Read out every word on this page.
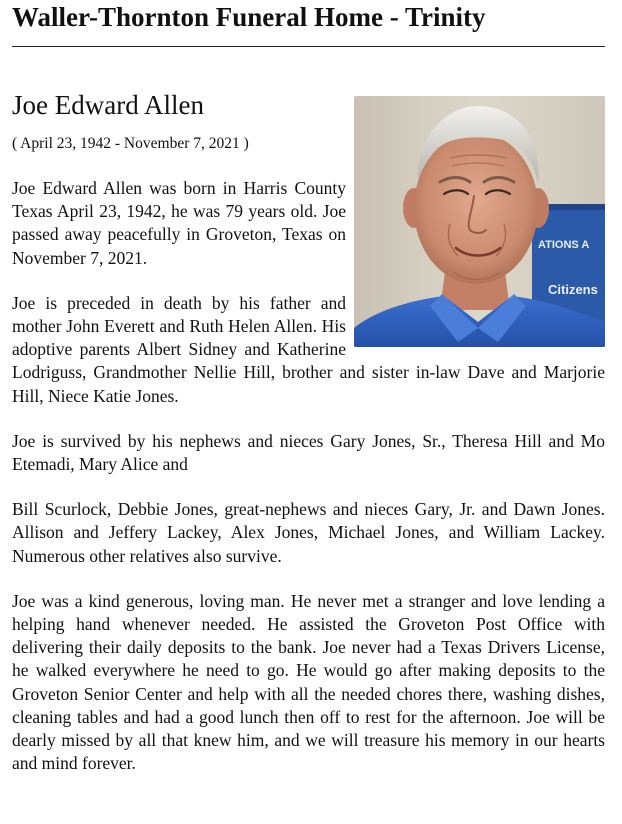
Waller-Thornton Funeral Home - Trinity
ATIONS A
Citizens
Joe Edward Allen

( April 23, 1942 - November 7, 2021 )

Joe Edward Allen was born in Harris County Texas April 23, 1942, he was 79 years old. Joe passed away peacefully in Groveton, Texas on November 7, 2021.

Joe is preceded in death by his father and mother John Everett and Ruth Helen Allen. His adoptive parents Albert Sidney and Katherine Lodriguss, Grandmother Nellie Hill, brother and sister in-law Dave and Marjorie Hill, Niece Katie Jones.

Joe is survived by his nephews and nieces Gary Jones, Sr., Theresa Hill and Mo Etemadi, Mary Alice and

Bill Scurlock, Debbie Jones, great-nephews and nieces Gary, Jr. and Dawn Jones. Allison and Jeffery Lackey, Alex Jones, Michael Jones, and William Lackey. Numerous other relatives also survive.

Joe was a kind generous, loving man. He never met a stranger and love lending a helping hand whenever needed. He assisted the Groveton Post Office with delivering their daily deposits to the bank. Joe never had a Texas Drivers License, he walked everywhere he need to go. He would go after making deposits to the Groveton Senior Center and help with all the needed chores there, washing dishes, cleaning tables and had a good lunch then off to rest for the afternoon. Joe will be dearly missed by all that knew him, and we will treasure his memory in our hearts and mind forever.
